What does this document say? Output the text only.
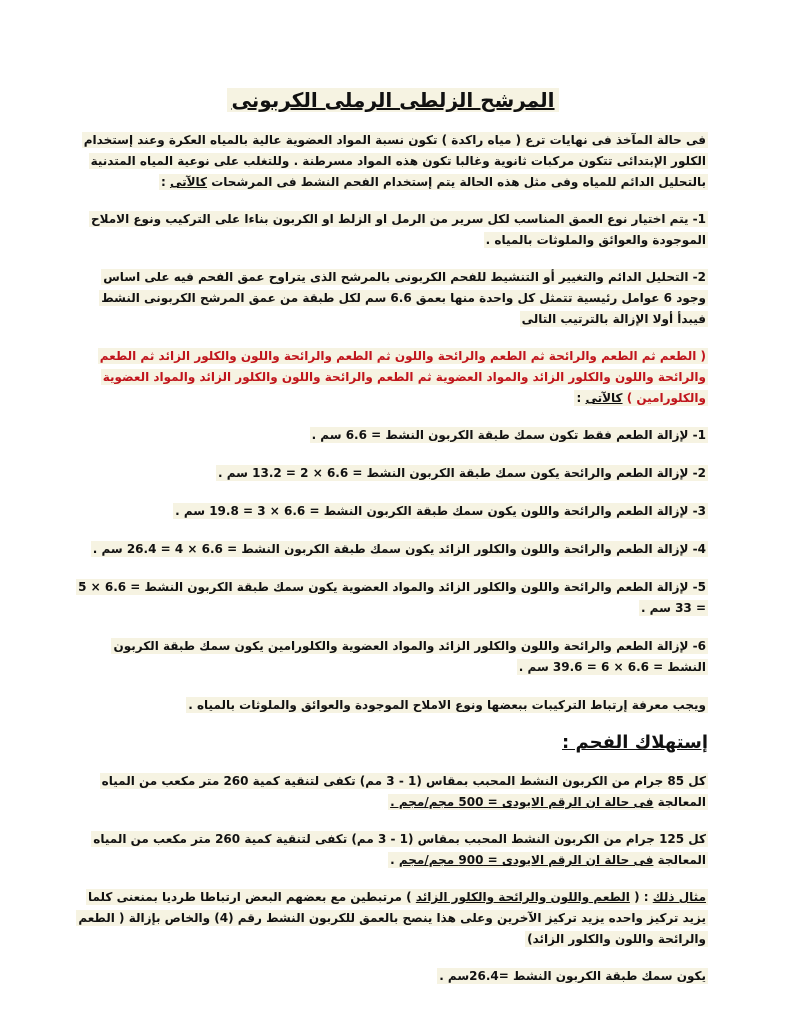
المرشح الزلطى الرملى الكربونى

فى حالة المآخذ فى نهايات ترع ( مياه راكدة ) تكون نسبة المواد العضوية عالية بالمياه العكرة وعند إستخدام الكلور الإبتدائى تتكون مركبات ثانوية وغالبا تكون هذه المواد مسرطنة . وللتغلب على نوعية المياه المتدنية بالتحليل الدائم للمياه وفى مثل هذه الحالة يتم إستخدام الفحم النشط فى المرشحات كالآتى :

1- يتم اختيار نوع العمق المناسب لكل سرير من الرمل او الزلط او الكربون بناءا على التركيب ونوع الاملاح الموجودة والعوائق والملوثات بالمياه .

2- التحليل الدائم والتغيير أو التنشيط للفحم الكربونى بالمرشح الذى يتراوح عمق الفحم فيه على اساس وجود 6 عوامل رئيسية تتمثل كل واحدة منها بعمق 6.6 سم لكل طبقة من عمق المرشح الكربونى النشط فيبدأ أولا الإزالة بالترتيب التالى

( الطعم ثم الطعم والرائحة ثم الطعم والرائحة واللون ثم الطعم والرائحة واللون والكلور الزائد ثم الطعم والرائحة واللون والكلور الزائد والمواد العضوية ثم الطعم والرائحة واللون والكلور الزائد والمواد العضوية والكلورامين ) كالآتى :

1- لإزالة الطعم فقط تكون سمك طبقة الكربون النشط = 6.6 سم .

2- لإزالة الطعم والرائحة يكون سمك طبقة الكربون النشط = 6.6 × 2 = 13.2 سم .

3- لإزالة الطعم والرائحة واللون يكون سمك طبقة الكربون النشط = 6.6 × 3 = 19.8 سم .

4- لإزالة الطعم والرائحة واللون والكلور الزائد يكون سمك طبقة الكربون النشط = 6.6 × 4 = 26.4 سم .

5- لإزالة الطعم والرائحة واللون والكلور الزائد والمواد العضوية يكون سمك طبقة الكربون النشط = 6.6 × 5 = 33 سم .

6- لإزالة الطعم والرائحة واللون والكلور الزائد والمواد العضوية والكلورامين يكون سمك طبقة الكربون النشط = 6.6 × 6 = 39.6 سم .

ويجب معرفة إرتباط التركيبات ببعضها ونوع الاملاح الموجودة والعوائق والملوثات بالمياه .

إستهلاك الفحم :

كل 85 جرام من الكربون النشط المحبب بمقاس (1 - 3 مم) تكفى لتنقية كمية 260 متر مكعب من المياه المعالجة فى حالة ان الرقم الايودى = 500 مجم/مجم .

كل 125 جرام من الكربون النشط المحبب بمقاس (1 - 3 مم) تكفى لتنقية كمية 260 متر مكعب من المياه المعالجة فى حالة ان الرقم الايودى = 900 مجم/مجم .

مثال ذلك : ( الطعم واللون والرائحة والكلور الزائد ) مرتبطين مع بعضهم البعض ارتباطا طرديا بمنعنى كلما يزيد تركيز واحده يزيد تركيز الآخرين وعلى هذا ينصح بالعمق للكربون النشط رقم (4) والخاص بإزالة ( الطعم والرائحة واللون والكلور الزائد)

يكون سمك طبقة الكربون النشط =26.4سم .
